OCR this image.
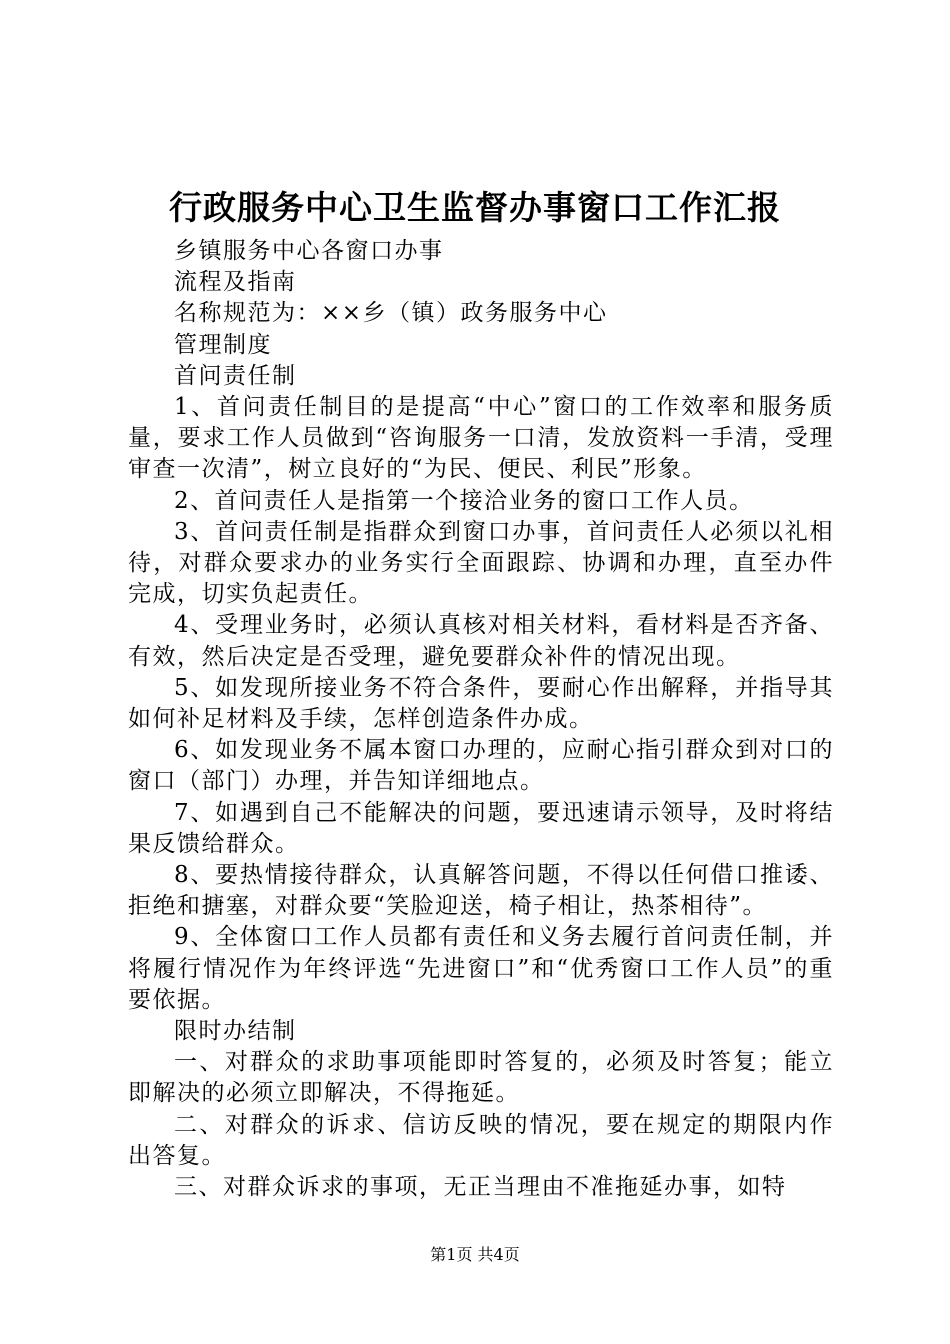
行政服务中心卫生监督办事窗口工作汇报

乡镇服务中心各窗口办事

流程及指南

名称规范为：××乡（镇）政务服务中心

管理制度

首问责任制

1、首问责任制目的是提高“中心”窗口的工作效率和服务质量，要求工作人员做到“咨询服务一口清，发放资料一手清，受理审查一次清”，树立良好的“为民、便民、利民”形象。

2、首问责任人是指第一个接洽业务的窗口工作人员。

3、首问责任制是指群众到窗口办事，首问责任人必须以礼相待，对群众要求办的业务实行全面跟踪、协调和办理，直至办件完成，切实负起责任。

4、受理业务时，必须认真核对相关材料，看材料是否齐备、有效，然后决定是否受理，避免要群众补件的情况出现。

5、如发现所接业务不符合条件，要耐心作出解释，并指导其如何补足材料及手续，怎样创造条件办成。

6、如发现业务不属本窗口办理的，应耐心指引群众到对口的窗口（部门）办理，并告知详细地点。

7、如遇到自己不能解决的问题，要迅速请示领导，及时将结果反馈给群众。

8、要热情接待群众，认真解答问题，不得以任何借口推诿、拒绝和搪塞，对群众要“笑脸迎送，椅子相让，热茶相待”。

9、全体窗口工作人员都有责任和义务去履行首问责任制，并将履行情况作为年终评选“先进窗口”和“优秀窗口工作人员”的重要依据。

限时办结制

一、对群众的求助事项能即时答复的，必须及时答复；能立即解决的必须立即解决，不得拖延。

二、对群众的诉求、信访反映的情况，要在规定的期限内作出答复。

三、对群众诉求的事项，无正当理由不准拖延办事，如特

第1页 共4页
